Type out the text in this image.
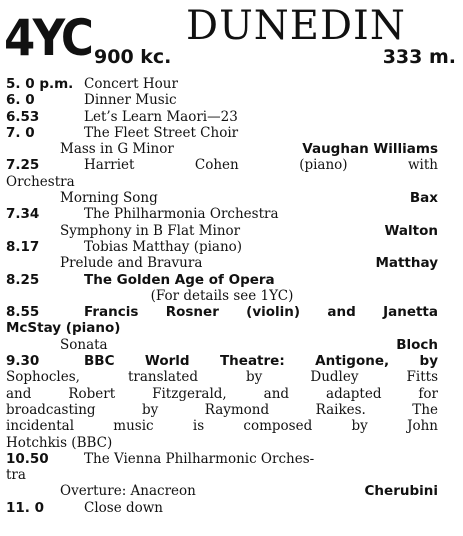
4YC 900 kc.
DUNEDIN
333 m.
5. 0 p.m. Concert Hour
6. 0	Dinner Music
6.53	Let’s Learn Maori—23
7. 0	The Fleet Street Choir
Mass in G Minor	Vaughan Williams
7.25	Harriet Cohen (piano) with
Orchestra
Morning Song	Bax
7.34	The Philharmonia Orchestra
Symphony in B Flat Minor	Walton
8.17	Tobias Matthay (piano)
Prelude and Bravura	Matthay
8.25	The Golden Age of Opera
(For details see 1YC)
8.55	Francis Rosner (violin) and Janetta
McStay (piano)
Sonata	Bloch
9.30	BBC World Theatre: Antigone, by
Sophocles, translated by Dudley Fitts
and Robert Fitzgerald, and adapted for
broadcasting by Raymond Raikes. The
incidental music is composed by John
Hotchkis (BBC)
10.50	The Vienna Philharmonic Orches-
tra
Overture: Anacreon	Cherubini
11. 0	Close down
